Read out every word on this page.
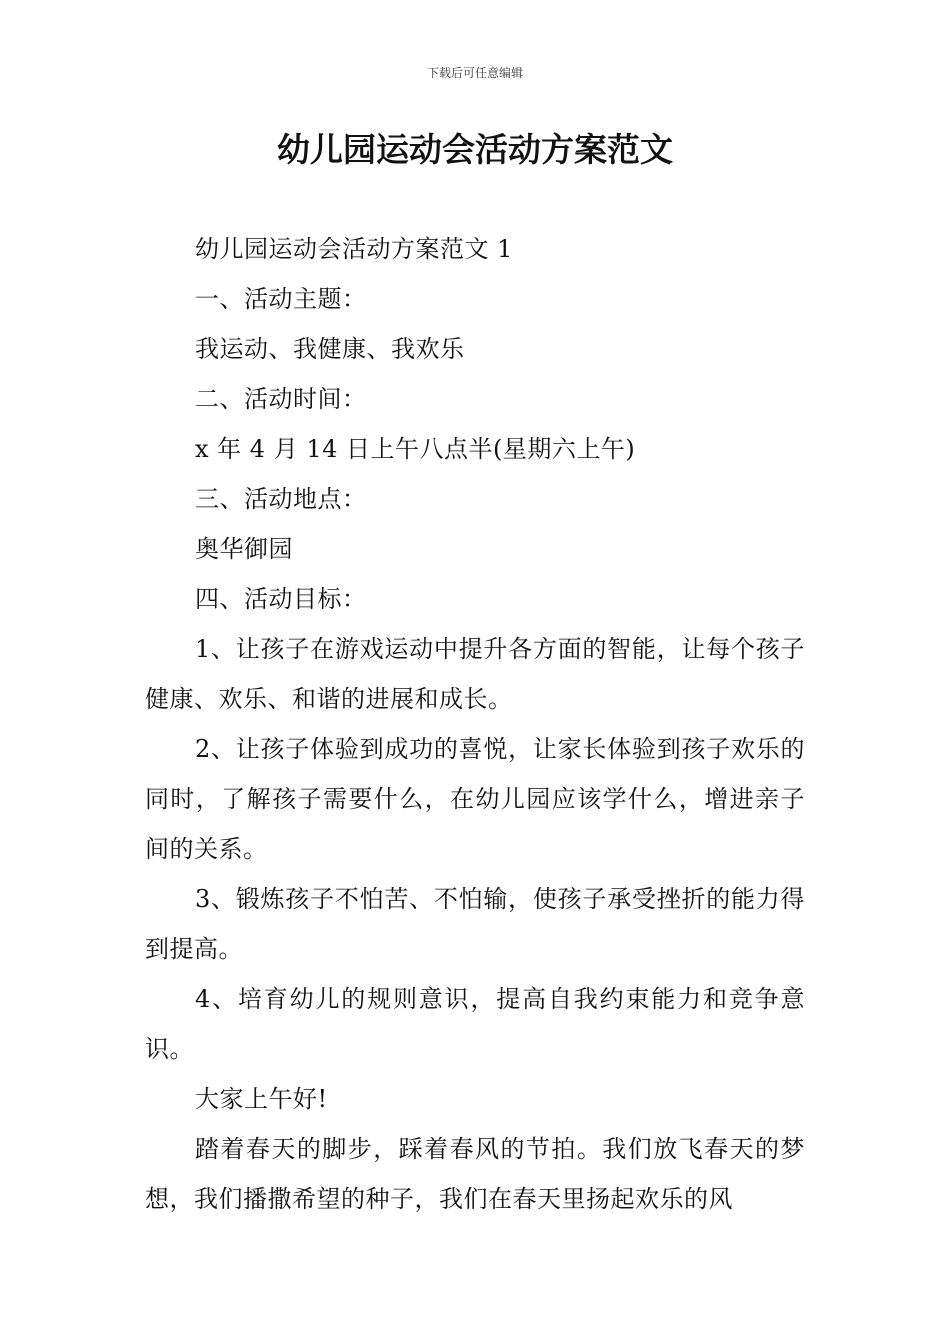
下载后可任意编辑
幼儿园运动会活动方案范文

幼儿园运动会活动方案范文 1

一、活动主题：

我运动、我健康、我欢乐

二、活动时间：

x 年 4 月 14 日上午八点半(星期六上午)

三、活动地点：

奥华御园

四、活动目标：

1、让孩子在游戏运动中提升各方面的智能，让每个孩子健康、欢乐、和谐的进展和成长。

2、让孩子体验到成功的喜悦，让家长体验到孩子欢乐的同时，了解孩子需要什么，在幼儿园应该学什么，增进亲子间的关系。

3、锻炼孩子不怕苦、不怕输，使孩子承受挫折的能力得到提高。

4、培育幼儿的规则意识，提高自我约束能力和竞争意识。

大家上午好!

踏着春天的脚步，踩着春风的节拍。我们放飞春天的梦想，我们播撒希望的种子，我们在春天里扬起欢乐的风
